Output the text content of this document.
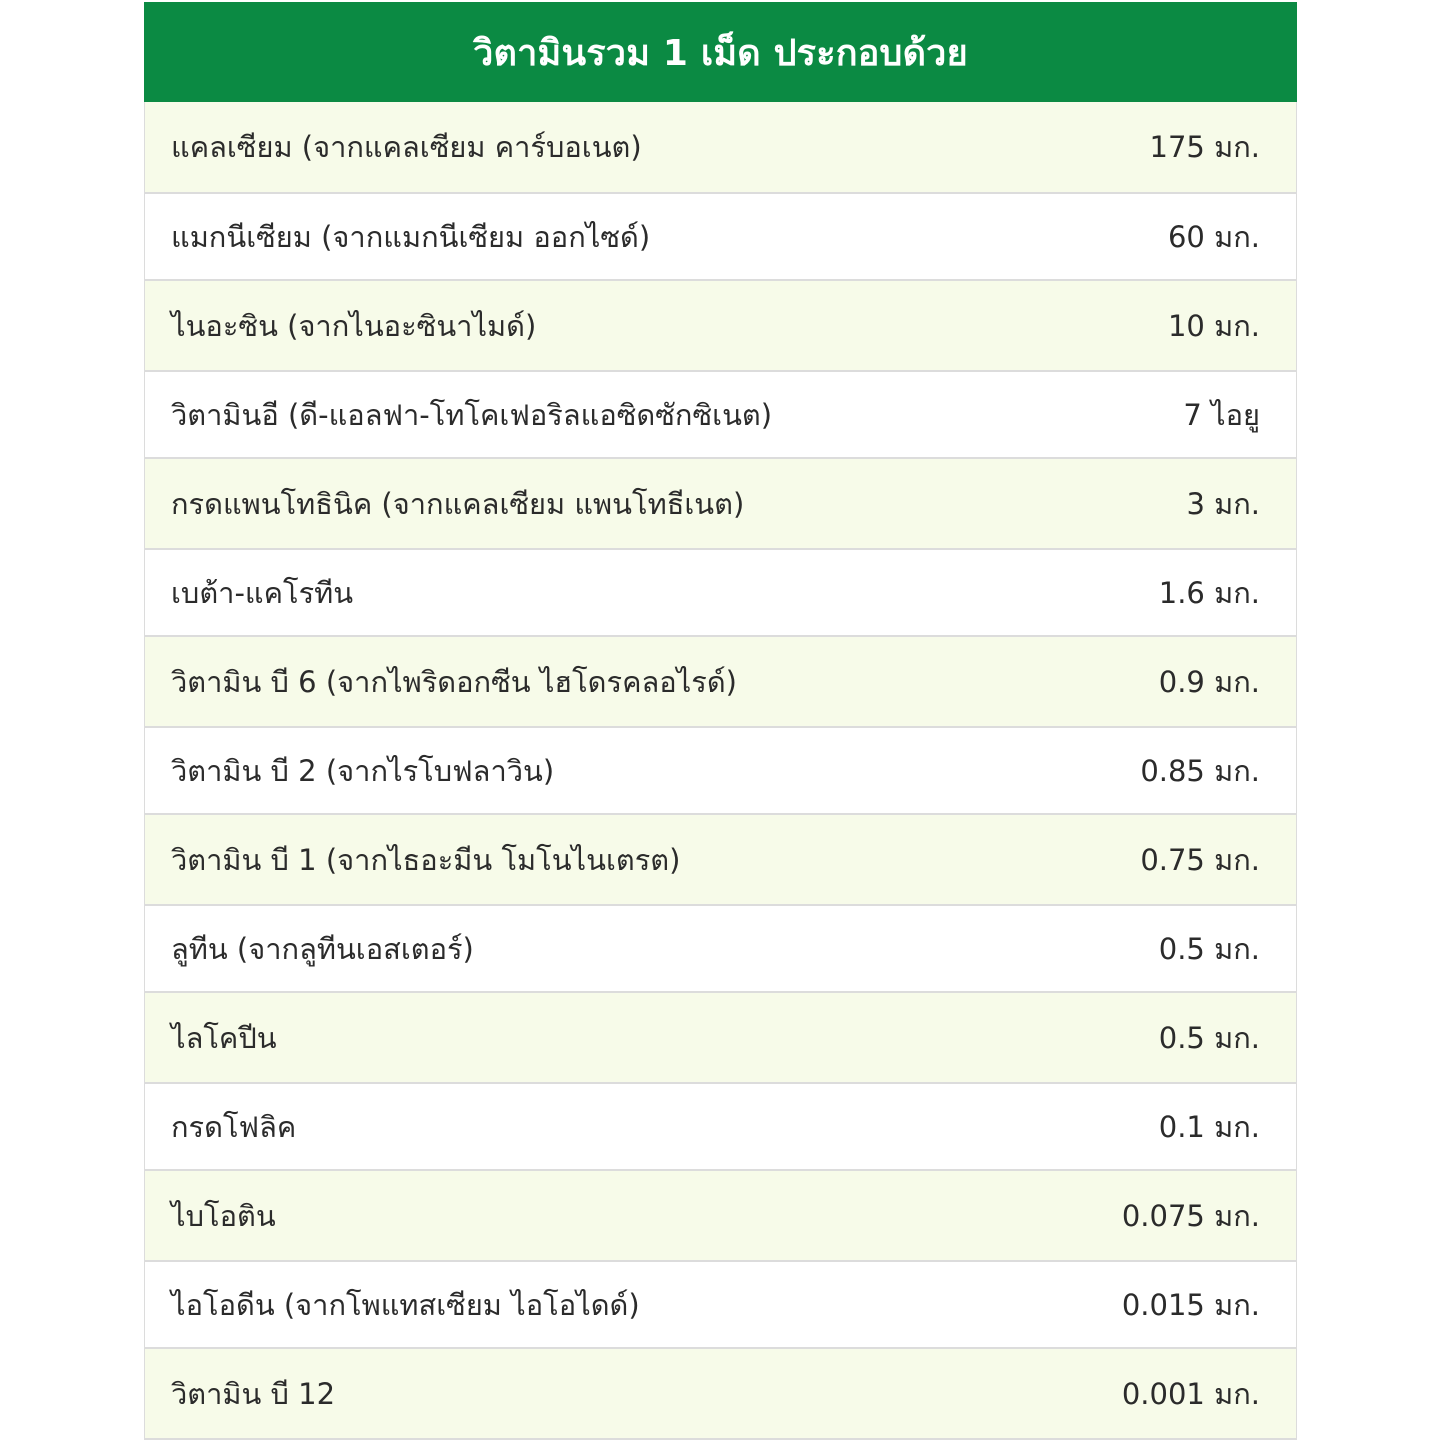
วิตามินรวม 1 เม็ด ประกอบด้วย
แคลเซียม (จากแคลเซียม คาร์บอเนต)	175 มก.
แมกนีเซียม (จากแมกนีเซียม ออกไซด์)	60 มก.
ไนอะซิน (จากไนอะซินาไมด์)	10 มก.
วิตามินอี (ดี-แอลฟา-โทโคเฟอริลแอซิดซักซิเนต)	7 ไอยู
กรดแพนโทธินิค (จากแคลเซียม แพนโทธีเนต)	3 มก.
เบต้า-แคโรทีน	1.6 มก.
วิตามิน บี 6 (จากไพริดอกซีน ไฮโดรคลอไรด์)	0.9 มก.
วิตามิน บี 2 (จากไรโบฟลาวิน)	0.85 มก.
วิตามิน บี 1 (จากไธอะมีน โมโนไนเตรต)	0.75 มก.
ลูทีน (จากลูทีนเอสเตอร์)	0.5 มก.
ไลโคปีน	0.5 มก.
กรดโฟลิค	0.1 มก.
ไบโอติน	0.075 มก.
ไอโอดีน (จากโพแทสเซียม ไอโอไดด์)	0.015 มก.
วิตามิน บี 12	0.001 มก.
